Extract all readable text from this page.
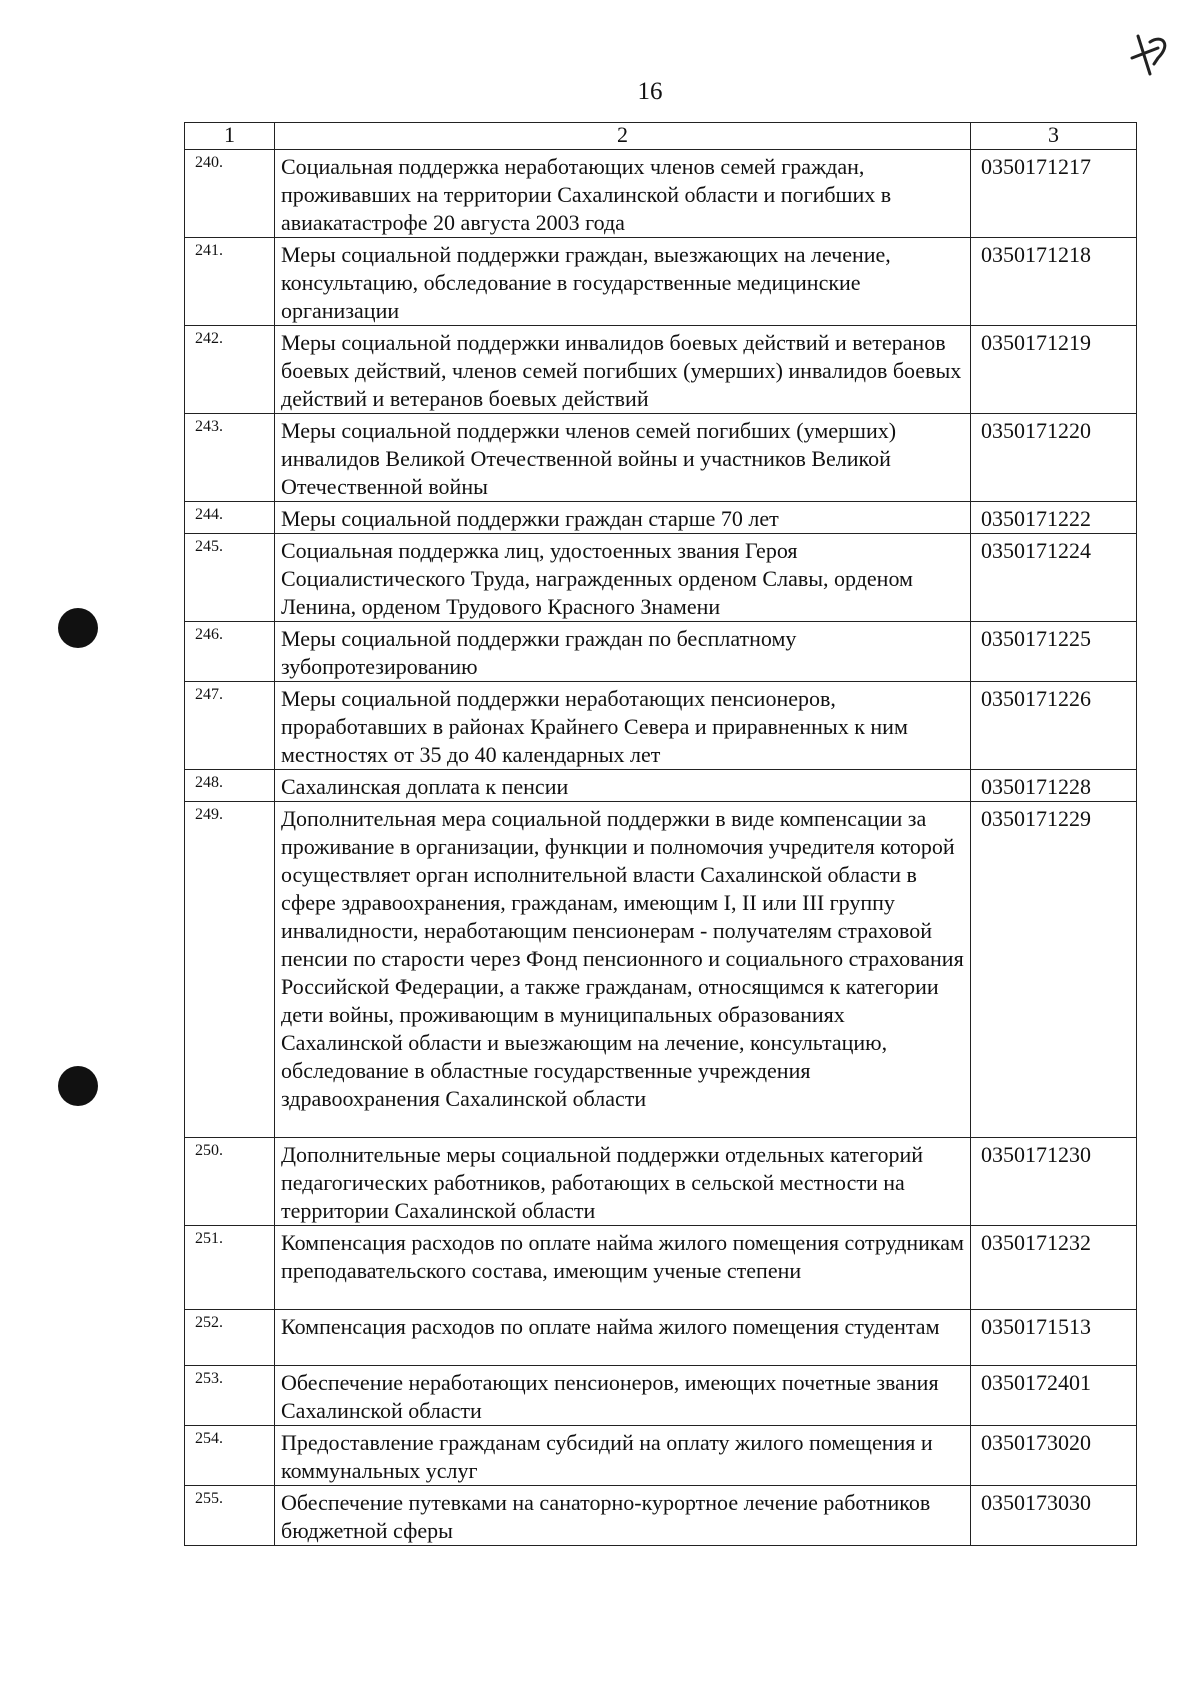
16
1	2	3
240.	Социальная поддержка неработающих членов семей граждан, проживавших на территории Сахалинской области и погибших в авиакатастрофе 20 августа 2003 года	0350171217
241.	Меры социальной поддержки граждан, выезжающих на лечение, консультацию, обследование в государственные медицинские организации	0350171218
242.	Меры социальной поддержки инвалидов боевых действий и ветеранов боевых действий, членов семей погибших (умерших) инвалидов боевых действий и ветеранов боевых действий	0350171219
243.	Меры социальной поддержки членов семей погибших (умерших) инвалидов Великой Отечественной войны и участников Великой Отечественной войны	0350171220
244.	Меры социальной поддержки граждан старше 70 лет	0350171222
245.	Социальная поддержка лиц, удостоенных звания Героя Социалистического Труда, награжденных орденом Славы, орденом Ленина, орденом Трудового Красного Знамени	0350171224
246.	Меры социальной поддержки граждан по бесплатному зубопротезированию	0350171225
247.	Меры социальной поддержки неработающих пенсионеров, проработавших в районах Крайнего Севера и приравненных к ним местностях от 35 до 40 календарных лет	0350171226
248.	Сахалинская доплата к пенсии	0350171228
249.	Дополнительная мера социальной поддержки в виде компенсации за проживание в организации, функции и полномочия учредителя которой осуществляет орган исполнительной власти Сахалинской области в сфере здравоохранения, гражданам, имеющим I, II или III группу инвалидности, неработающим пенсионерам - получателям страховой пенсии по старости через Фонд пенсионного и социального страхования Российской Федерации, а также гражданам, относящимся к категории дети войны, проживающим в муниципальных образованиях Сахалинской области и выезжающим на лечение, консультацию, обследование в областные государственные учреждения здравоохранения Сахалинской области	0350171229
250.	Дополнительные меры социальной поддержки отдельных категорий педагогических работников, работающих в сельской местности на территории Сахалинской области	0350171230
251.	Компенсация расходов по оплате найма жилого помещения сотрудникам преподавательского состава, имеющим ученые степени	0350171232
252.	Компенсация расходов по оплате найма жилого помещения студентам	0350171513
253.	Обеспечение неработающих пенсионеров, имеющих почетные звания Сахалинской области	0350172401
254.	Предоставление гражданам субсидий на оплату жилого помещения и коммунальных услуг	0350173020
255.	Обеспечение путевками на санаторно-курортное лечение работников бюджетной сферы	0350173030
